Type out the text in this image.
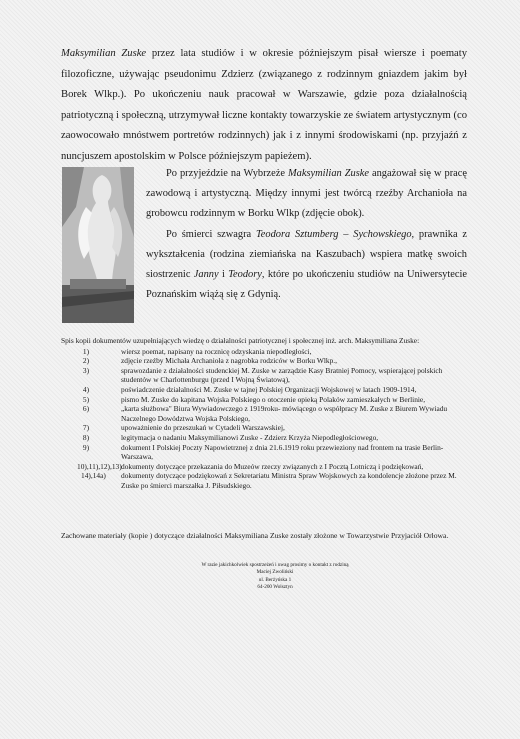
Maksymilian Zuske przez lata studiów i w okresie późniejszym pisał wiersze i poematy filozoficzne, używając pseudonimu Zdzierz (związanego z rodzinnym gniazdem jakim był Borek Wlkp.). Po ukończeniu nauk pracował w Warszawie, gdzie poza działalnością patriotyczną i społeczną, utrzymywał liczne kontakty towarzyskie ze światem artystycznym (co zaowocowało mnóstwem portretów rodzinnych) jak i z innymi środowiskami (np. przyjaźń z nuncjuszem apostolskim w Polsce późniejszym papieżem).

Po przyjeździe na Wybrzeże Maksymilian Zuske angażował się w pracę zawodową i artystyczną. Między innymi jest twórcą rzeźby Archanioła na grobowcu rodzinnym w Borku Wlkp (zdjęcie obok).

Po śmierci szwagra Teodora Sztumberg – Sychowskiego, prawnika z wykształcenia (rodzina ziemiańska na Kaszubach) wspiera matkę swoich siostrzenic Janny i Teodory, które po ukończeniu studiów na Uniwersytecie Poznańskim wiążą się z Gdynią.

Spis kopii dokumentów uzupełniających wiedzę o działalności patriotycznej i społecznej inż. arch. Maksymiliana Zuske:

1)	wiersz poemat, napisany na rocznicę odzyskania niepodległości,
2)	zdjęcie rzeźby Michała Archanioła z nagrobka rodziców w Borku Wlkp.,
3)	sprawozdanie z działalności studenckiej M. Zuske w zarządzie Kasy Bratniej Pomocy, wspierającej polskich studentów w Charlottenburgu (przed I Wojną Światową),
4)	poświadczenie działalności M. Zuske w tajnej Polskiej Organizacji Wojskowej w latach 1909-1914,
5)	pismo M. Zuske do kapitana Wojska Polskiego o otoczenie opieką Polaków zamieszkałych w Berlinie,
6)	„karta służbowa" Biura Wywiadowczego z 1919roku- mówiącego o współpracy M. Zuske z Biurem Wywiadu Naczelnego Dowództwa Wojska Polskiego,
7)	upoważnienie do przeszukań w Cytadeli Warszawskiej,
8)	legitymacja o nadaniu Maksymilianowi Zuske - Zdzierz Krzyża Niepodległościowego,
9)	dokument I Polskiej Poczty Napowietrznej z dnia 21.6.1919 roku przewieziony nad frontem na trasie Berlin-Warszawa,
10),11),12),13) dokumenty dotyczące przekazania do Muzeów rzeczy związanych z I Pocztą Lotniczą i podziękowań,
14),14a) dokumenty dotyczące podziękowań z Sekretariatu Ministra Spraw Wojskowych za kondolencje złożone przez M. Zuske po śmierci marszałka J. Piłsudskiego.
Zachowane materiały (kopie ) dotyczące działalności Maksymiliana Zuske zostały złożone w Towarzystwie Przyjaciół Orłowa.
W razie jakichkolwiek spostrzeżeń i uwag prosimy o kontakt z rodziną
Maciej Zwoliński
ul. Berżyńska 1
64-200 Wolsztyn
